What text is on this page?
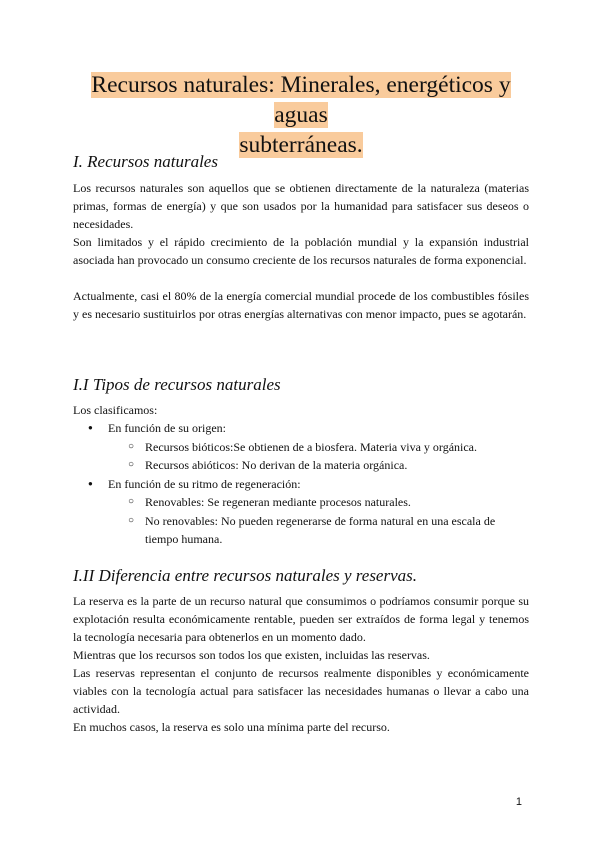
Recursos naturales: Minerales, energéticos y aguas
subterráneas.
I. Recursos naturales

Los recursos naturales son aquellos que se obtienen directamente de la naturaleza (materias primas, formas de energía) y que son usados por la humanidad para satisfacer sus deseos o necesidades.

Son limitados y el rápido crecimiento de la población mundial y la expansión industrial asociada han provocado un consumo creciente de los recursos naturales de forma exponencial.

Actualmente, casi el 80% de la energía comercial mundial procede de los combustibles fósiles y es necesario sustituirlos por otras energías alternativas con menor impacto, pues se agotarán.

I.I Tipos de recursos naturales

Los clasificamos:

● En función de su origen:
○ Recursos bióticos:Se obtienen de a biosfera. Materia viva y orgánica.
○ Recursos abióticos: No derivan de la materia orgánica.
● En función de su ritmo de regeneración:
○ Renovables: Se regeneran mediante procesos naturales.
○ No renovables: No pueden regenerarse de forma natural en una escala de tiempo humana.
I.II Diferencia entre recursos naturales y reservas.

La reserva es la parte de un recurso natural que consumimos o podríamos consumir porque su explotación resulta económicamente rentable, pueden ser extraídos de forma legal y tenemos la tecnología necesaria para obtenerlos en un momento dado.

Mientras que los recursos son todos los que existen, incluidas las reservas.

Las reservas representan el conjunto de recursos realmente disponibles y económicamente viables con la tecnología actual para satisfacer las necesidades humanas o llevar a cabo una actividad.

En muchos casos, la reserva es solo una mínima parte del recurso.

1
